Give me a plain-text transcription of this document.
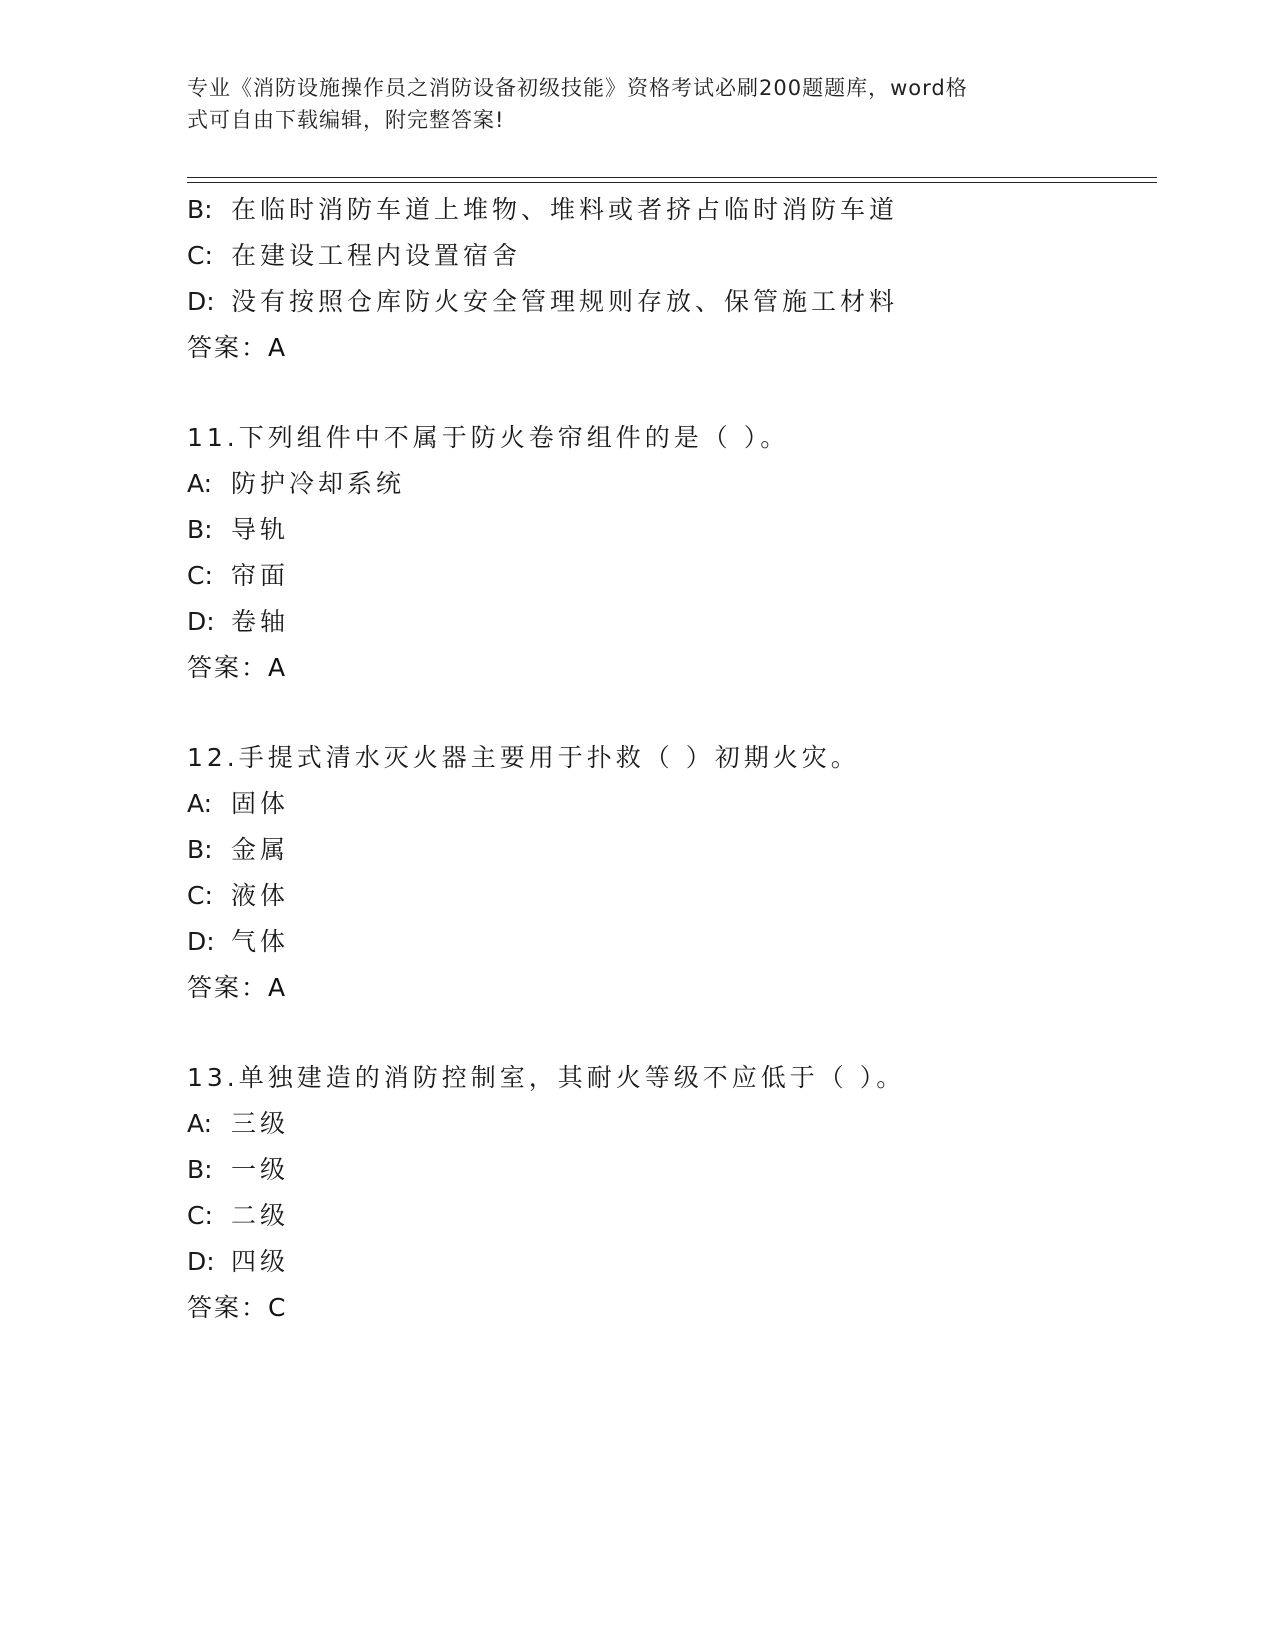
专业《消防设施操作员之消防设备初级技能》资格考试必刷200题题库，word格
式可自由下载编辑，附完整答案!
B: 在临时消防车道上堆物、堆料或者挤占临时消防车道
C: 在建设工程内设置宿舍
D: 没有按照仓库防火安全管理规则存放、保管施工材料
答案：A
11.下列组件中不属于防火卷帘组件的是（ ）。
A: 防护冷却系统
B: 导轨
C: 帘面
D: 卷轴
答案：A
12.手提式清水灭火器主要用于扑救（ ）初期火灾。
A: 固体
B: 金属
C: 液体
D: 气体
答案：A
13.单独建造的消防控制室，其耐火等级不应低于（ ）。
A: 三级
B: 一级
C: 二级
D: 四级
答案：C
